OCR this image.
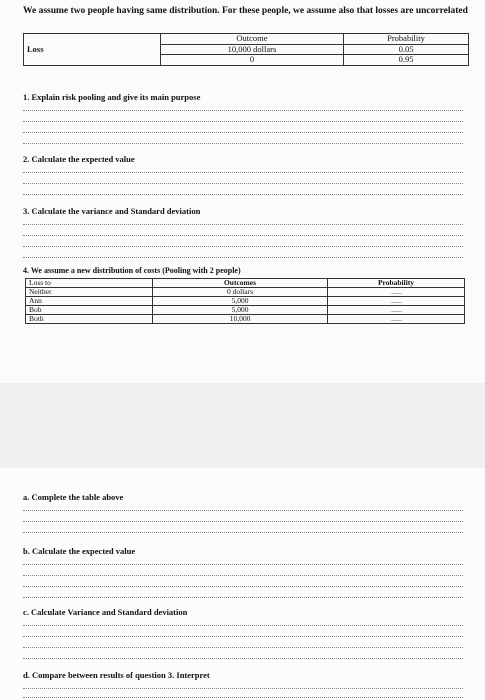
We assume two people having same distribution. For these people, we assume also that losses are uncorrelated
Loss	Outcome	Probability
	10,000 dollars	0.05
	0	0.95
1. Explain risk pooling and give its main purpose
2. Calculate the expected value
3. Calculate the variance and Standard deviation
4. We assume a new distribution of costs (Pooling with 2 people)
Loss to	Outcomes	Probability
Neither	0 dollars	............
Ann	5,000	............
Bob	5,000	............
Both	10,000	............
a. Complete the table above
b. Calculate the expected value
c. Calculate Variance and Standard deviation
d. Compare between results of question 3. Interpret
